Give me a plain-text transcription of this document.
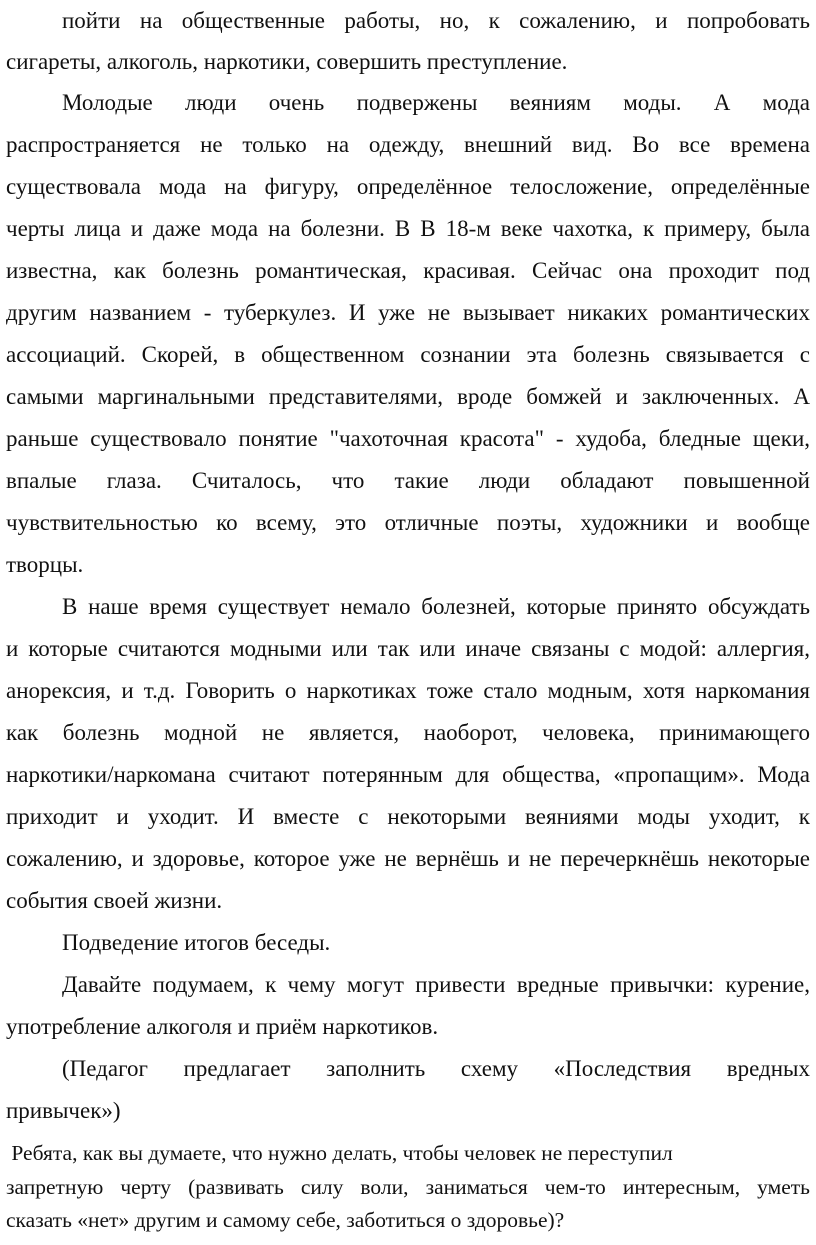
пойти на общественные работы, но, к сожалению, и попробовать
сигареты, алкоголь, наркотики, совершить преступление.
Молодые люди очень подвержены веяниям моды. А мода
распространяется не только на одежду, внешний вид. Во все времена
существовала мода на фигуру, определённое телосложение, определённые
черты лица и даже мода на болезни. В В 18-м веке чахотка, к примеру, была
известна, как болезнь романтическая, красивая. Сейчас она проходит под
другим названием - туберкулез. И уже не вызывает никаких романтических
ассоциаций. Скорей, в общественном сознании эта болезнь связывается с
самыми маргинальными представителями, вроде бомжей и заключенных. А
раньше существовало понятие "чахоточная красота" - худоба, бледные щеки,
впалые глаза. Считалось, что такие люди обладают повышенной
чувствительностью ко всему, это отличные поэты, художники и вообще
творцы.
В наше время существует немало болезней, которые принято обсуждать
и которые считаются модными или так или иначе связаны с модой: аллергия,
анорексия, и т.д. Говорить о наркотиках тоже стало модным, хотя наркомания
как болезнь модной не является, наоборот, человека, принимающего
наркотики/наркомана считают потерянным для общества, «пропащим». Мода
приходит и уходит. И вместе с некоторыми веяниями моды уходит, к
сожалению, и здоровье, которое уже не вернёшь и не перечеркнёшь некоторые
события своей жизни.
Подведение итогов беседы.
Давайте подумаем, к чему могут привести вредные привычки: курение,
употребление алкоголя и приём наркотиков.
(Педагог предлагает заполнить схему «Последствия вредных
привычек»)
Ребята, как вы думаете, что нужно делать, чтобы человек не переступил
запретную черту (развивать силу воли, заниматься чем-то интересным, уметь
сказать «нет» другим и самому себе, заботиться о здоровье)?
